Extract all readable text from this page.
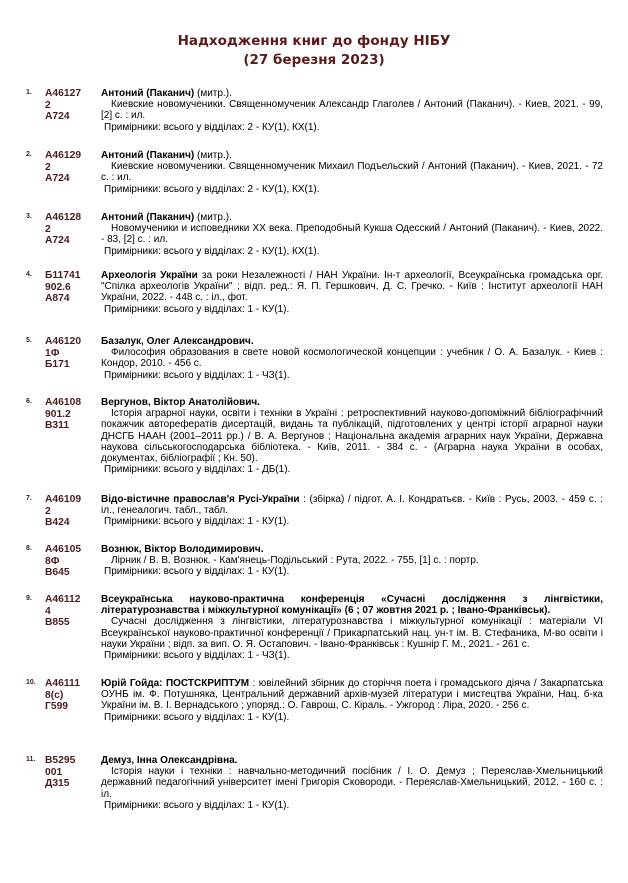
Надходження книг до фонду НІБУ
(27 березня 2023)
1. А46127
2
А724

Антоний (Паканич) (митр.).

Киевские новомученики. Священномученик Александр Глаголев / Антоний (Паканич). - Киев, 2021. - 99, [2] с. : ил.

Примірники: всього у відділах: 2 - КУ(1), КХ(1).

2. А46129
2
А724

Антоний (Паканич) (митр.).

Киевские новомученики. Священномученик Михаил Подъельский / Антоний (Паканич). - Киев, 2021. - 72 с. : ил.

Примірники: всього у відділах: 2 - КУ(1), КХ(1).

3. А46128
2
А724

Антоний (Паканич) (митр.).

Новомученики и исповедники XX века. Преподобный Кукша Одесский / Антоний (Паканич). - Киев, 2022. - 83, [2] с. : ил.

Примірники: всього у відділах: 2 - КУ(1), КХ(1).

4. Б11741
902.6
А874

Археологія України за роки Незалежності / НАН України. Ін-т археології, Всеукраїнська громадська орг. "Спілка археологів України" ; відп. ред.: Я. П. Гершкович, Д. С. Гречко. - Київ : Інститут археології НАН України, 2022. - 448 с. : іл., фот.

Примірники: всього у відділах: 1 - КУ(1).

5. А46120
1Ф
Б171

Базалук, Олег Александрович.

Философия образования в свете новой космологической концепции : учебник / О. А. Базалук. - Киев : Кондор, 2010. - 456 с.

Примірники: всього у відділах: 1 - ЧЗ(1).

6. А46108
901.2
В311

Вергунов, Віктор Анатолійович.

Історія аграрної науки, освіти і техніки в Україні : ретроспективний науково-допоміжний бібліографічний покажчик авторефератів дисертацій, видань та публікацій, підготовлених у центрі історії аграрної науки ДНСГБ НААН (2001–2011 рр.) / В. А. Вергунов ; Національна академія аграрних наук України, Державна наукова сільськогосподарська бібліотека. - Київ, 2011. - 384 с. - (Аграрна наука України в особах, документах, бібліографії ; Кн. 50).

Примірники: всього у відділах: 1 - ДБ(1).

7. А46109
2
В424

Відо-вістичне православ'я Русі-України : (збірка) / підгот. А. І. Кондратьєв. - Київ : Русь, 2003. - 459 с. : іл., генеалогич. табл., табл.

Примірники: всього у відділах: 1 - КУ(1).

8. А46105
8Ф
В645

Вознюк, Віктор Володимирович.

Лірник / В. В. Вознюк. - Кам'янець-Подільський : Рута, 2022. - 755, [1] с. : портр.

Примірники: всього у відділах: 1 - КУ(1).

9. А46112
4
В855

Всеукраїнська науково-практична конференція «Сучасні дослідження з лінгвістики, літературознавства і міжкультурної комунікації» (6 ; 07 жовтня 2021 р. ; Івано-Франківськ).

Сучасні дослідження з лінгвістики, літературознавства і міжкультурної комунікації : матеріали VI Всеукраїнської науково-практичної конференції / Прикарпатський нац. ун-т ім. В. Стефаника, М-во освіти і науки України ; відп. за вип. О. Я. Остапович. - Івано-Франківськ : Кушнір Г. М., 2021. - 261 с.

Примірники: всього у відділах: 1 - ЧЗ(1).

10. А46111
8(с)
Г599

Юрій Гойда: ПОСТСКРИПТУМ : ювілейний збірник до сторіччя поета і громадського діяча / Закарпатська ОУНБ ім. Ф. Потушняка, Центральний державний архів-музей літератури і мистецтва України, Нац. б-ка України ім. В. І. Вернадського ; упоряд.: О. Гаврош, С. Кіраль. - Ужгород : Ліра, 2020. - 256 с.

Примірники: всього у відділах: 1 - КУ(1).

11. В5295
001
Д315

Демуз, Інна Олександрівна.

Історія науки і техніки : навчально-методичний посібник / І. О. Демуз ; Переяслав-Хмельницький державний педагогічний університет імені Григорія Сковороди. - Переяслав-Хмельницький, 2012. - 160 с. : іл.

Примірники: всього у відділах: 1 - КУ(1).
